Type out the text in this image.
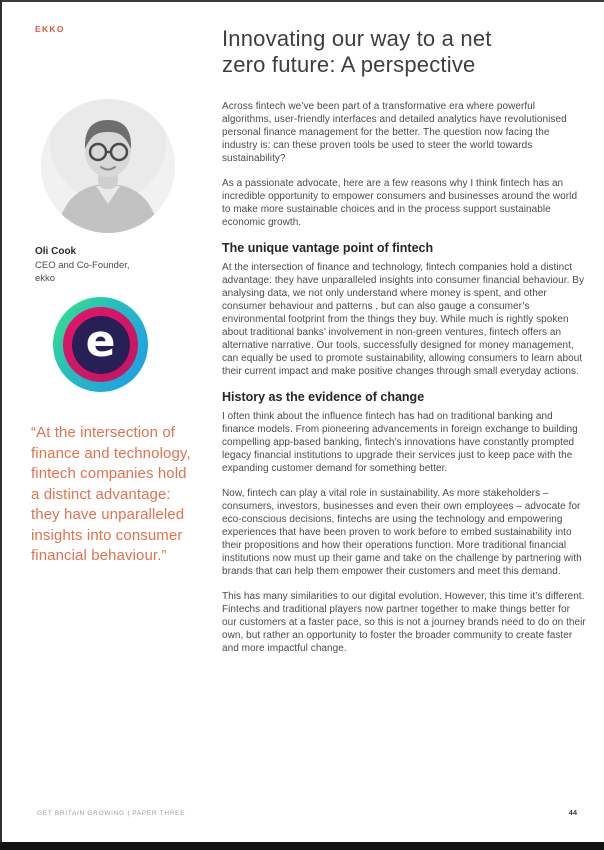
EKKO
Oli Cook
CEO and Co-Founder,
ekko
e
“At the intersection of finance and technology, fintech companies hold a distinct advantage: they have unparalleled insights into consumer financial behaviour.”
Innovating our way to a net zero future: A perspective

Across fintech we’ve been part of a transformative era where powerful algorithms, user-friendly interfaces and detailed analytics have revolutionised personal finance management for the better. The question now facing the industry is: can these proven tools be used to steer the world towards sustainability?

As a passionate advocate, here are a few reasons why I think fintech has an incredible opportunity to empower consumers and businesses around the world to make more sustainable choices and in the process support sustainable economic growth.

The unique vantage point of fintech

At the intersection of finance and technology, fintech companies hold a distinct advantage: they have unparalleled insights into consumer financial behaviour. By analysing data, we not only understand where money is spent, and other consumer behaviour and patterns , but can also gauge a consumer’s environmental footprint from the things they buy. While much is rightly spoken about traditional banks’ involvement in non-green ventures, fintech offers an alternative narrative. Our tools, successfully designed for money management, can equally be used to promote sustainability, allowing consumers to learn about their current impact and make positive changes through small everyday actions.

History as the evidence of change

I often think about the influence fintech has had on traditional banking and finance models. From pioneering advancements in foreign exchange to building compelling app-based banking, fintech’s innovations have constantly prompted legacy financial institutions to upgrade their services just to keep pace with the expanding customer demand for something better.

Now, fintech can play a vital role in sustainability. As more stakeholders – consumers, investors, businesses and even their own employees – advocate for eco-conscious decisions, fintechs are using the technology and empowering experiences that have been proven to work before to embed sustainability into their propositions and how their operations function. More traditional financial institutions now must up their game and take on the challenge by partnering with brands that can help them empower their customers and meet this demand.

This has many similarities to our digital evolution. However, this time it’s different. Fintechs and traditional players now partner together to make things better for our customers at a faster pace, so this is not a journey brands need to do on their own, but rather an opportunity to foster the broader community to create faster and more impactful change.

GET BRITAIN GROWING | PAPER THREE	44
